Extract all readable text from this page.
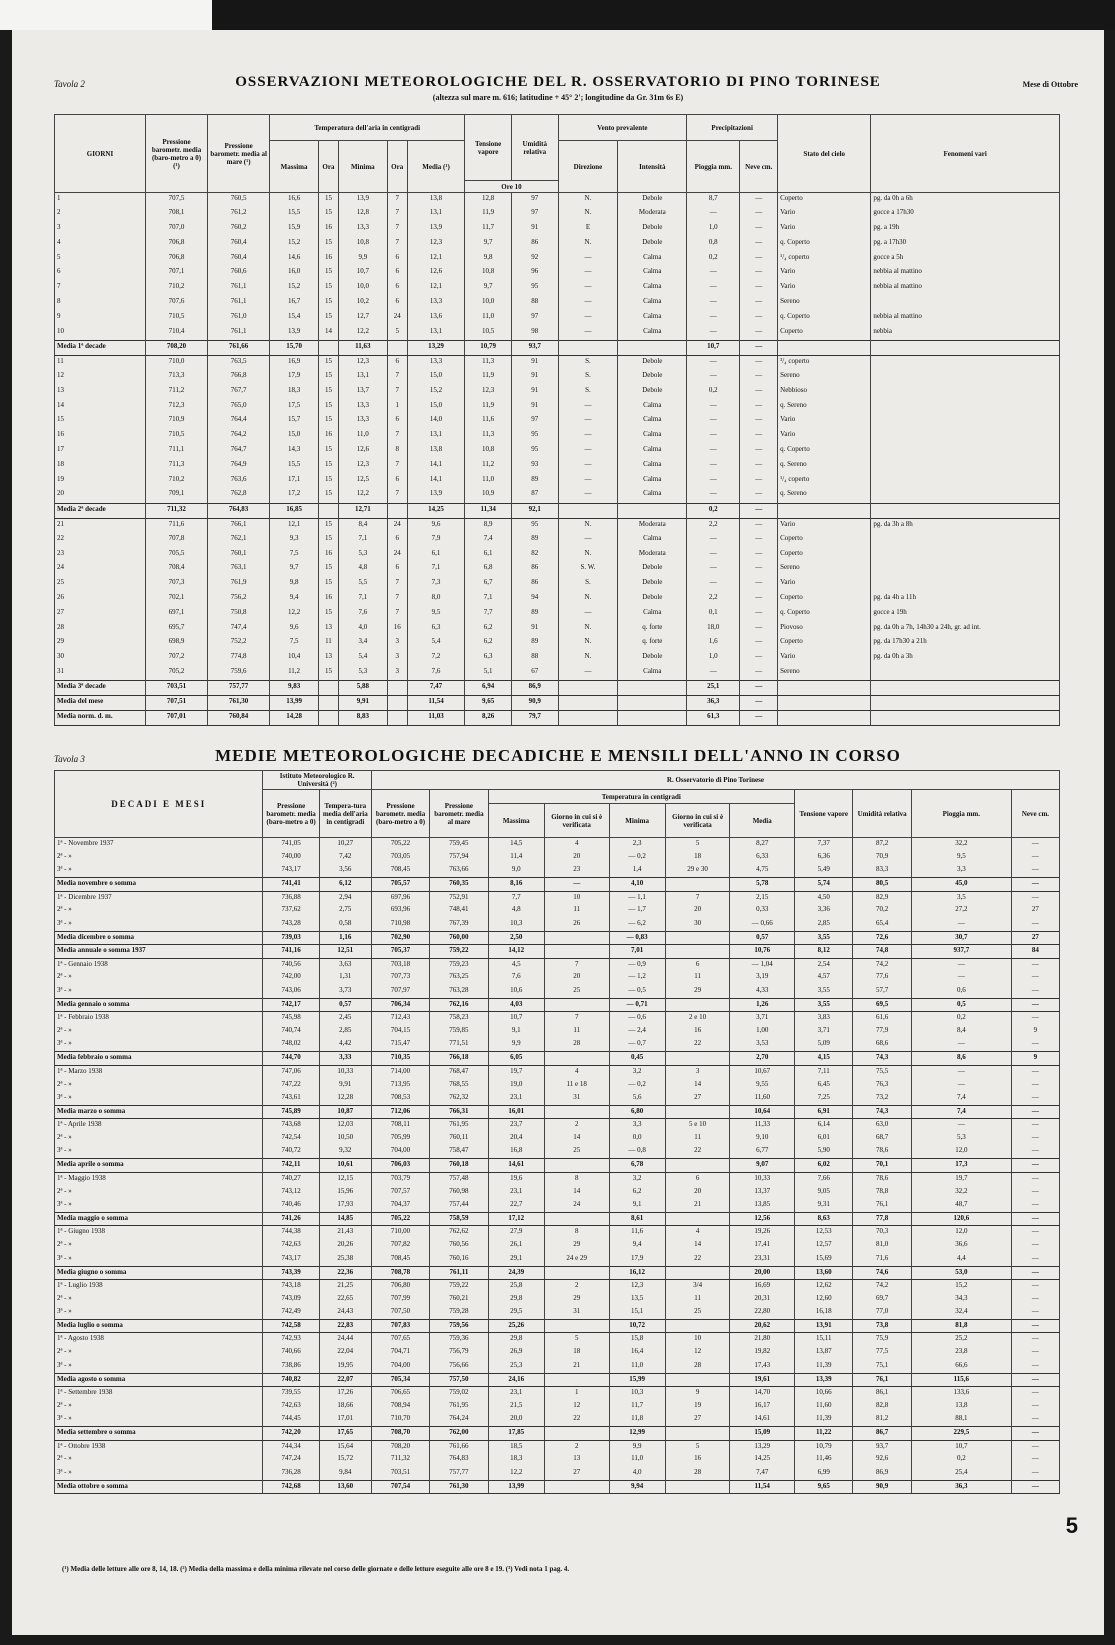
Tavola 2	OSSERVAZIONI METEOROLOGICHE DEL R. OSSERVATORIO DI PINO TORINESE
(altezza sul mare m. 616; latitudine + 45° 2'; longitudine da Gr. 31m 6s E)
Mese di Ottobre
GIORNI	Pressione barometr. media (baro-metro a 0) (¹)	Pressione barometr. media al mare (¹)	Temperatura dell'aria in centigradi					Tensione vapore	Umidità relativa	Vento prevalente		Precipitazioni		Stato del cielo	Fenomeni vari
			Massima	Ora	Minima	Ora	Media (¹)			Direzione	Intensità	Pioggia mm.	Neve cm.		
								Ore 10							
1	707,5	760,5	16,6	15	13,9	7	13,8	12,8	97	N.	Debole	8,7	—	Coperto	pg. da 0h a 6h
2	708,1	761,2	15,5	15	12,8	7	13,1	11,9	97	N.	Moderata	—	—	Vario	gocce a 17h30
3	707,0	760,2	15,9	16	13,3	7	13,9	11,7	91	E	Debole	1,0	—	Vario	pg. a 19h
4	706,8	760,4	15,2	15	10,8	7	12,3	9,7	86	N.	Debole	0,8	—	q. Coperto	pg. a 17h30
5	706,8	760,4	14,6	16	9,9	6	12,1	9,8	92	—	Calma	0,2	—	¹/₄ coperto	gocce a 5h
6	707,1	760,6	16,0	15	10,7	6	12,6	10,8	96	—	Calma	—	—	Vario	nebbia al mattino
7	710,2	761,1	15,2	15	10,0	6	12,1	9,7	95	—	Calma	—	—	Vario	nebbia al mattino
8	707,6	761,1	16,7	15	10,2	6	13,3	10,0	88	—	Calma	—	—	Sereno	
9	710,5	761,0	15,4	15	12,7	24	13,6	11,0	97	—	Calma	—	—	q. Coperto	nebbia al mattino
10	710,4	761,1	13,9	14	12,2	5	13,1	10,5	98	—	Calma	—	—	Coperto	nebbia
Media 1ª decade	708,20	761,66	15,70		11,63		13,29	10,79	93,7			10,7	—		
11	710,0	763,5	16,9	15	12,3	6	13,3	11,3	91	S.	Debole	—	—	³/₄ coperto	
12	713,3	766,8	17,9	15	13,1	7	15,0	11,9	91	S.	Debole	—	—	Sereno	
13	711,2	767,7	18,3	15	13,7	7	15,2	12,3	91	S.	Debole	0,2	—	Nebbioso	
14	712,3	765,0	17,5	15	13,3	1	15,0	11,9	91	—	Calma	—	—	q. Sereno	
15	710,9	764,4	15,7	15	13,3	6	14,0	11,6	97	—	Calma	—	—	Vario	
16	710,5	764,2	15,0	16	11,0	7	13,1	11,3	95	—	Calma	—	—	Vario	
17	711,1	764,7	14,3	15	12,6	8	13,8	10,8	95	—	Calma	—	—	q. Coperto	
18	711,3	764,9	15,5	15	12,3	7	14,1	11,2	93	—	Calma	—	—	q. Sereno	
19	710,2	763,6	17,1	15	12,5	6	14,1	11,0	89	—	Calma	—	—	¹/₄ coperto	
20	709,1	762,8	17,2	15	12,2	7	13,9	10,9	87	—	Calma	—	—	q. Sereno	
Media 2ª decade	711,32	764,83	16,85		12,71		14,25	11,34	92,1			0,2	—		
21	711,6	766,1	12,1	15	8,4	24	9,6	8,9	95	N.	Moderata	2,2	—	Vario	pg. da 3h a 8h
22	707,8	762,1	9,3	15	7,1	6	7,9	7,4	89	—	Calma	—	—	Coperto	
23	705,5	760,1	7,5	16	5,3	24	6,1	6,1	82	N.	Moderata	—	—	Coperto	
24	708,4	763,1	9,7	15	4,8	6	7,1	6,8	86	S. W.	Debole	—	—	Sereno	
25	707,3	761,9	9,8	15	5,5	7	7,3	6,7	86	S.	Debole	—	—	Vario	
26	702,1	756,2	9,4	16	7,1	7	8,0	7,1	94	N.	Debole	2,2	—	Coperto	pg. da 4h a 11h
27	697,1	750,8	12,2	15	7,6	7	9,5	7,7	89	—	Calma	0,1	—	q. Coperto	gocce a 19h
28	695,7	747,4	9,6	13	4,0	16	6,3	6,2	91	N.	q. forte	18,0	—	Piovoso	pg. da 0h a 7h, 14h30 a 24h, gr. ad int.
29	698,9	752,2	7,5	11	3,4	3	5,4	6,2	89	N.	q. forte	1,6	—	Coperto	pg. da 17h30 a 21h
30	707,2	774,8	10,4	13	5,4	3	7,2	6,3	88	N.	Debole	1,0	—	Vario	pg. da 0h a 3h
31	705,2	759,6	11,2	15	5,3	3	7,6	5,1	67	—	Calma	—	—	Sereno	
Media 3ª decade	703,51	757,77	9,83		5,88		7,47	6,94	86,9			25,1	—		
Media del mese	707,51	761,30	13,99		9,91		11,54	9,65	90,9			36,3	—		
Media norm. d. m.	707,01	760,84	14,28		8,83		11,03	8,26	79,7			61,3	—		
Tavola 3	MEDIE METEOROLOGICHE DECADICHE E MENSILI DELL'ANNO IN CORSO
DECADI E MESI	Istituto Meteorologico R. Università (²)		R. Osservatorio di Pino Torinese										
	Pressione barometr. media (baro-metro a 0)	Tempera-tura media dell'aria in centigradi	Pressione barometr. media (baro-metro a 0)	Pressione barometr. media al mare	Temperatura in centigradi					Tensione vapore	Umidità relativa	Pioggia mm.	Neve cm.
					Massima	Giorno in cui si è verificata	Minima	Giorno in cui si è verificata	Media				
1ª - Novembre 1937	741,05	10,27	705,22	759,45	14,5	4	2,3	5	8,27	7,37	87,2	32,2	—
2ª - »	740,00	7,42	703,05	757,94	11,4	20	— 0,2	18	6,33	6,36	70,9	9,5	—
3ª - »	743,17	3,56	708,45	763,66	9,0	23	1,4	29 e 30	4,75	5,49	83,3	3,3	—
Media novembre o somma	741,41	6,12	705,57	760,35	8,16	—	4,10		5,78	5,74	80,5	45,0	—
1ª - Dicembre 1937	736,88	2,94	697,96	752,91	7,7	10	— 1,1	7	2,15	4,50	82,9	3,5	—
2ª - »	737,62	2,75	693,96	748,41	4,8	11	— 1,7	20	0,33	3,36	70,2	27,2	27
3ª - »	743,28	0,58	710,98	767,39	10,3	26	— 6,2	30	— 0,66	2,85	65,4	—	—
Media dicembre o somma	739,03	1,16	702,90	760,00	2,50		— 0,83		0,57	3,55	72,6	30,7	27
Media annuale o somma 1937	741,16	12,51	705,37	759,22	14,12		7,01		10,76	8,12	74,8	937,7	84
1ª - Gennaio 1938	740,56	3,63	703,18	759,23	4,5	7	— 0,9	6	— 1,04	2,54	74,2	—	—
2ª - »	742,00	1,31	707,73	763,25	7,6	20	— 1,2	11	3,19	4,57	77,6	—	—
3ª - »	743,06	3,73	707,97	763,28	10,6	25	— 0,5	29	4,33	3,55	57,7	0,6	—
Media gennaio o somma	742,17	0,57	706,34	762,16	4,03		— 0,71		1,26	3,55	69,5	0,5	—
1ª - Febbraio 1938	745,98	2,45	712,43	758,23	10,7	7	— 0,6	2 e 10	3,71	3,83	61,6	0,2	—
2ª - »	740,74	2,85	704,15	759,85	9,1	11	— 2,4	16	1,00	3,71	77,9	8,4	9
3ª - »	748,02	4,42	715,47	771,51	9,9	28	— 0,7	22	3,53	5,09	68,6	—	—
Media febbraio o somma	744,70	3,33	710,35	766,18	6,05		0,45		2,70	4,15	74,3	8,6	9
1ª - Marzo 1938	747,06	10,33	714,00	768,47	19,7	4	3,2	3	10,67	7,11	75,5	—	—
2ª - »	747,22	9,91	713,95	768,55	19,0	11 e 18	— 0,2	14	9,55	6,45	76,3	—	—
3ª - »	743,61	12,28	708,53	762,32	23,1	31	5,6	27	11,60	7,25	73,2	7,4	—
Media marzo o somma	745,89	10,87	712,06	766,31	16,01		6,80		10,64	6,91	74,3	7,4	—
1ª - Aprile 1938	743,68	12,03	708,11	761,95	23,7	2	3,3	5 e 10	11,33	6,14	63,0	—	—
2ª - »	742,54	10,50	705,99	760,11	20,4	14	0,0	11	9,10	6,01	68,7	5,3	—
3ª - »	740,72	9,32	704,00	758,47	16,8	25	— 0,8	22	6,77	5,90	78,6	12,0	—
Media aprile o somma	742,11	10,61	706,03	760,18	14,61		6,78		9,07	6,02	70,1	17,3	—
1ª - Maggio 1938	740,27	12,15	703,79	757,48	19,6	8	3,2	6	10,33	7,66	78,6	19,7	—
2ª - »	743,12	15,96	707,57	760,98	23,1	14	6,2	20	13,37	9,05	78,8	32,2	—
3ª - »	740,46	17,93	704,37	757,44	22,7	24	9,1	21	13,85	9,31	76,1	48,7	—
Media maggio o somma	741,26	14,85	705,22	758,59	17,12		8,61		12,56	8,63	77,8	120,6	—
1ª - Giugno 1938	744,38	21,43	710,00	762,62	27,9	8	11,6	4	19,26	12,53	70,3	12,0	—
2ª - »	742,63	20,26	707,82	760,56	26,1	29	9,4	14	17,41	12,57	81,0	36,6	—
3ª - »	743,17	25,38	708,45	760,16	29,1	24 e 29	17,9	22	23,31	15,69	71,6	4,4	—
Media giugno o somma	743,39	22,36	708,78	761,11	24,39		16,12		20,00	13,60	74,6	53,0	—
1ª - Luglio 1938	743,18	21,25	706,80	759,22	25,8	2	12,3	3/4	16,69	12,62	74,2	15,2	—
2ª - »	743,09	22,65	707,99	760,21	29,8	29	13,5	11	20,31	12,60	69,7	34,3	—
3ª - »	742,49	24,43	707,50	759,28	29,5	31	15,1	25	22,80	16,18	77,0	32,4	—
Media luglio o somma	742,58	22,83	707,83	759,56	25,26		10,72		20,62	13,91	73,8	81,8	—
1ª - Agosto 1938	742,93	24,44	707,65	759,36	29,8	5	15,8	10	21,80	15,11	75,9	25,2	—
2ª - »	740,66	22,04	704,71	756,79	26,9	18	16,4	12	19,82	13,87	77,5	23,8	—
3ª - »	738,86	19,95	704,00	756,66	25,3	21	11,0	28	17,43	11,39	75,1	66,6	—
Media agosto o somma	740,82	22,07	705,34	757,50	24,16		15,99		19,61	13,39	76,1	115,6	—
1ª - Settembre 1938	739,55	17,26	706,65	759,02	23,1	1	10,3	9	14,70	10,66	86,1	133,6	—
2ª - »	742,63	18,66	708,94	761,95	21,5	12	11,7	19	16,17	11,60	82,8	13,8	—
3ª - »	744,45	17,01	710,70	764,24	20,0	22	11,8	27	14,61	11,39	81,2	88,1	—
Media settembre o somma	742,20	17,65	708,70	762,00	17,85		12,99		15,09	11,22	86,7	229,5	—
1ª - Ottobre 1938	744,34	15,64	708,20	761,66	18,5	2	9,9	5	13,29	10,79	93,7	10,7	—
2ª - »	747,24	15,72	711,32	764,83	18,3	13	11,0	16	14,25	11,46	92,6	0,2	—
3ª - »	736,28	9,84	703,51	757,77	12,2	27	4,0	28	7,47	6,99	86,9	25,4	—
Media ottobre o somma	742,68	13,60	707,54	761,30	13,99		9,94		11,54	9,65	90,9	36,3	—
(¹) Media delle letture alle ore 8, 14, 18. (²) Media della massima e della minima rilevate nel corso delle giornate e delle letture eseguite alle ore 8 e 19. (³) Vedi nota 1 pag. 4.
5
